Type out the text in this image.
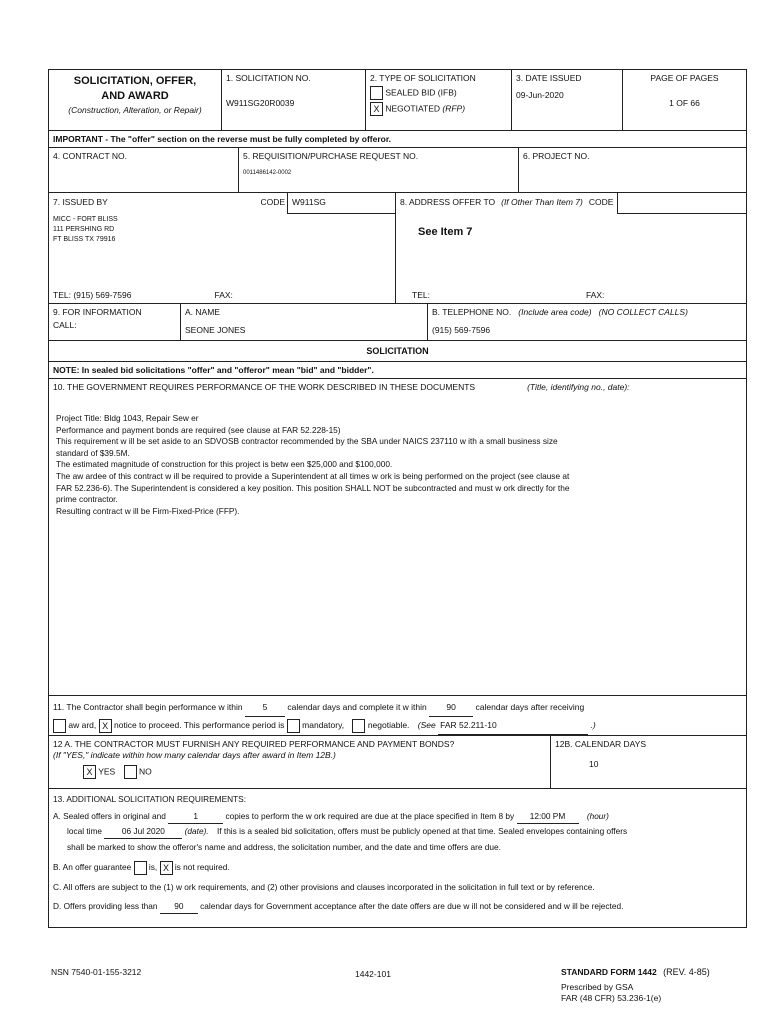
SOLICITATION, OFFER,
AND AWARD
(Construction, Alteration, or Repair)
1. SOLICITATION NO.
W911SG20R0039
2. TYPE OF SOLICITATION
SEALED BID (IFB)
X NEGOTIATED (RFP)
3. DATE ISSUED
09-Jun-2020
PAGE OF PAGES
1 OF 66
IMPORTANT - The "offer" section on the reverse must be fully completed by offeror.
4. CONTRACT NO.	5. REQUISITION/PURCHASE REQUEST NO.
0011486142-0002
6. PROJECT NO.
7. ISSUED BY	CODE W911SG
MICC - FORT BLISS
111 PERSHING RD
FT BLISS TX 79916
8. ADDRESS OFFER TO (If Other Than Item 7) CODE
See Item 7
TEL:
(915) 569-7596	FAX:	TEL:	FAX:
9. FOR INFORMATION
CALL:
A. NAME
SEONE JONES
B. TELEPHONE NO. (Include area code) (NO COLLECT CALLS)
(915) 569-7596
SOLICITATION
NOTE: In sealed bid solicitations "offer" and "offeror" mean "bid" and "bidder".
10. THE GOVERNMENT REQUIRES PERFORMANCE OF THE WORK DESCRIBED IN THESE DOCUMENTS	(Title, identifying no., date):
Project Title: Bldg 1043, Repair Sew er
Performance and payment bonds are required (see clause at FAR 52.228-15)
This requirement w ill be set aside to an SDVOSB contractor recommended by the SBA under NAICS 237110 w ith a small business size
standard of $39.5M.
The estimated magnitude of construction for this project is betw een $25,000 and $100,000.
The aw ardee of this contract w ill be required to provide a Superintendent at all times w ork is being performed on the project (see clause at
FAR 52.236-6). The Superintendent is considered a key position. This position SHALL NOT be subcontracted and must w ork directly for the
prime contractor.
Resulting contract w ill be Firm-Fixed-Price (FFP).
11. The Contractor shall begin performance w ithin 5 calendar days and complete it w ithin 90 calendar days after receiving
aw ard, X notice to proceed. This performance period is mandatory,	negotiable. (See FAR 52.211-10	.)
12 A. THE CONTRACTOR MUST FURNISH ANY REQUIRED PERFORMANCE AND PAYMENT BONDS?
(If "YES," indicate within how many calendar days after award in Item 12B.)
X YES	NO
12B. CALENDAR DAYS
10
13. ADDITIONAL SOLICITATION REQUIREMENTS:
A. Sealed offers in original and	1	copies to perform the w ork required are due at the place specified in Item 8 by 12:00 PM	(hour)
local time 06 Jul 2020 (date). If this is a sealed bid solicitation, offers must be publicly opened at that time. Sealed envelopes containing offers
shall be marked to show the offeror's name and address, the solicitation number, and the date and time offers are due.
B. An offer guarantee is, X is not required.
C. All offers are subject to the (1) w ork requirements, and (2) other provisions and clauses incorporated in the solicitation in full text or by reference.
D. Offers providing less than 90 calendar days for Government acceptance after the date offers are due w ill not be considered and w ill be rejected.
NSN 7540-01-155-3212	1442-101	STANDARD FORM 1442 (REV. 4-85)
Prescribed by GSA
FAR (48 CFR) 53.236-1(e)
